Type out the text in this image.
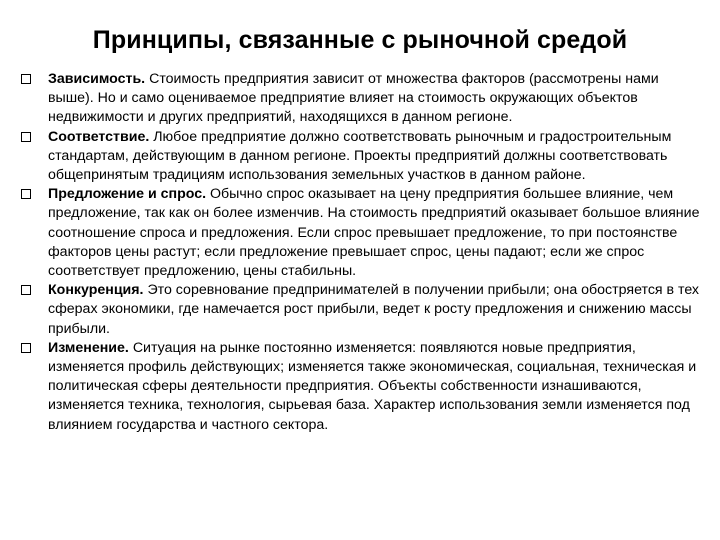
Принципы, связанные с рыночной средой
Зависимость. Стоимость предприятия зависит от множества факторов (рассмотрены нами выше). Но и само оцениваемое предприятие влияет на стоимость окружающих объектов недвижимости и других предприятий, находящихся в данном регионе.
Соответствие. Любое предприятие должно соответствовать рыночным и градостроительным стандартам, действующим в данном регионе. Проекты предприятий должны соответствовать общепринятым традициям использования земельных участков в данном районе.
Предложение и спрос. Обычно спрос оказывает на цену предприятия большее влияние, чем предложение, так как он более изменчив. На стоимость предприятий оказывает большое влияние соотношение спроса и предложения. Если спрос превышает предложение, то при постоянстве факторов цены растут; если предложение превышает спрос, цены падают; если же спрос соответствует предложению, цены стабильны.
Конкуренция. Это соревнование предпринимателей в получении прибыли; она обостряется в тех сферах экономики, где намечается рост прибыли, ведет к росту предложения и снижению массы прибыли.
Изменение. Ситуация на рынке постоянно изменяется: появляются новые предприятия, изменяется профиль действующих; изменяется также экономическая, социальная, техническая и политическая сферы деятельности предприятия. Объекты собственности изнашиваются, изменяется техника, технология, сырьевая база. Характер использования земли изменяется под влиянием государства и частного сектора.
